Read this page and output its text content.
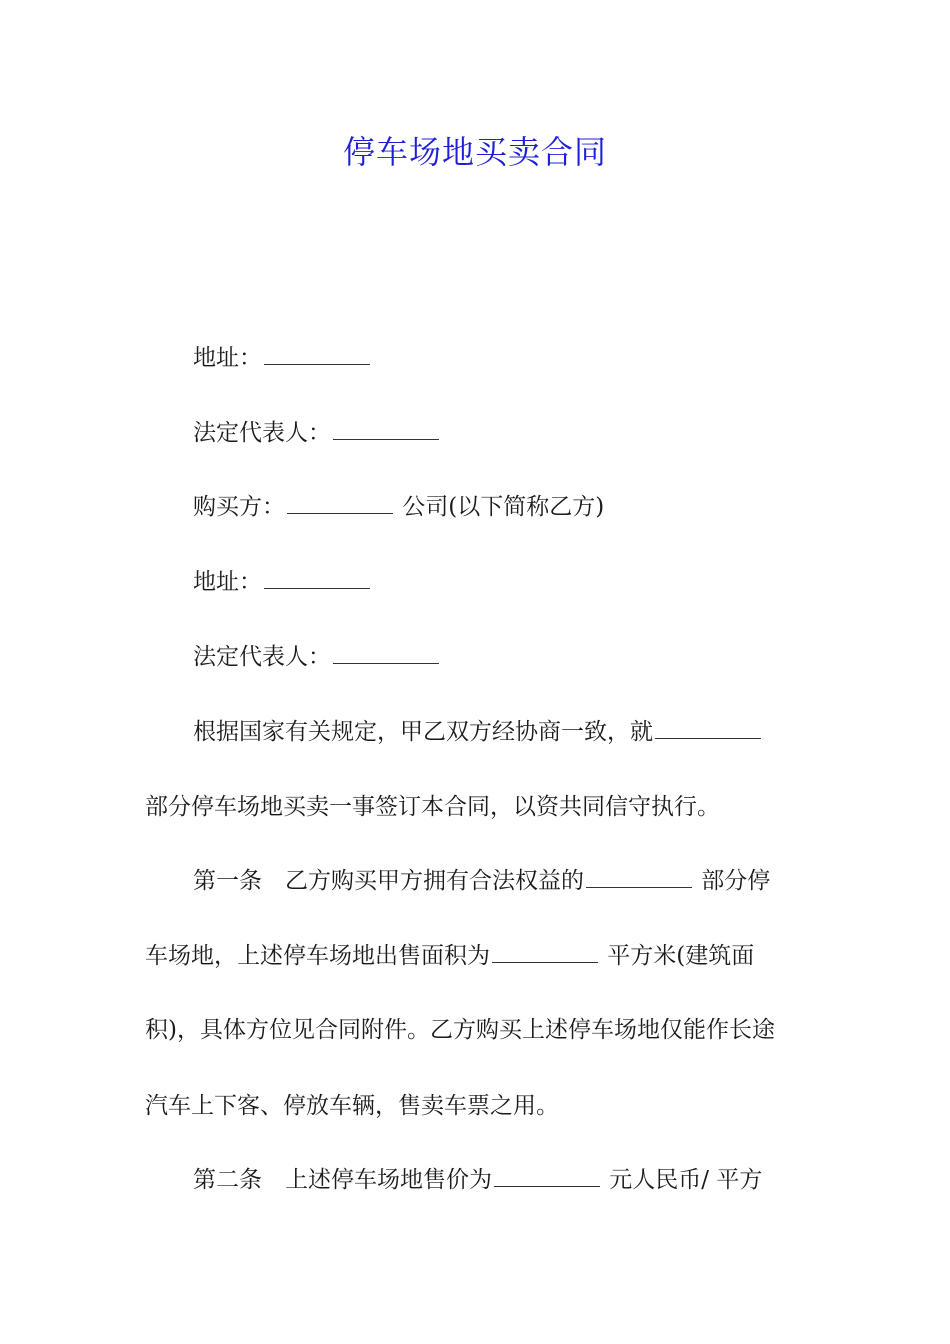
停车场地买卖合同
地址：
法定代表人：
购买方：	公司(以下简称乙方)
地址：
法定代表人：
根据国家有关规定，甲乙双方经协商一致，就
部分停车场地买卖一事签订本合同，以资共同信守执行。
第一条　乙方购买甲方拥有合法权益的	部分停
车场地，上述停车场地出售面积为	平方米(建筑面
积)，具体方位见合同附件。乙方购买上述停车场地仅能作长途
汽车上下客、停放车辆，售卖车票之用。
第二条　上述停车场地售价为	元人民币/ 平方
